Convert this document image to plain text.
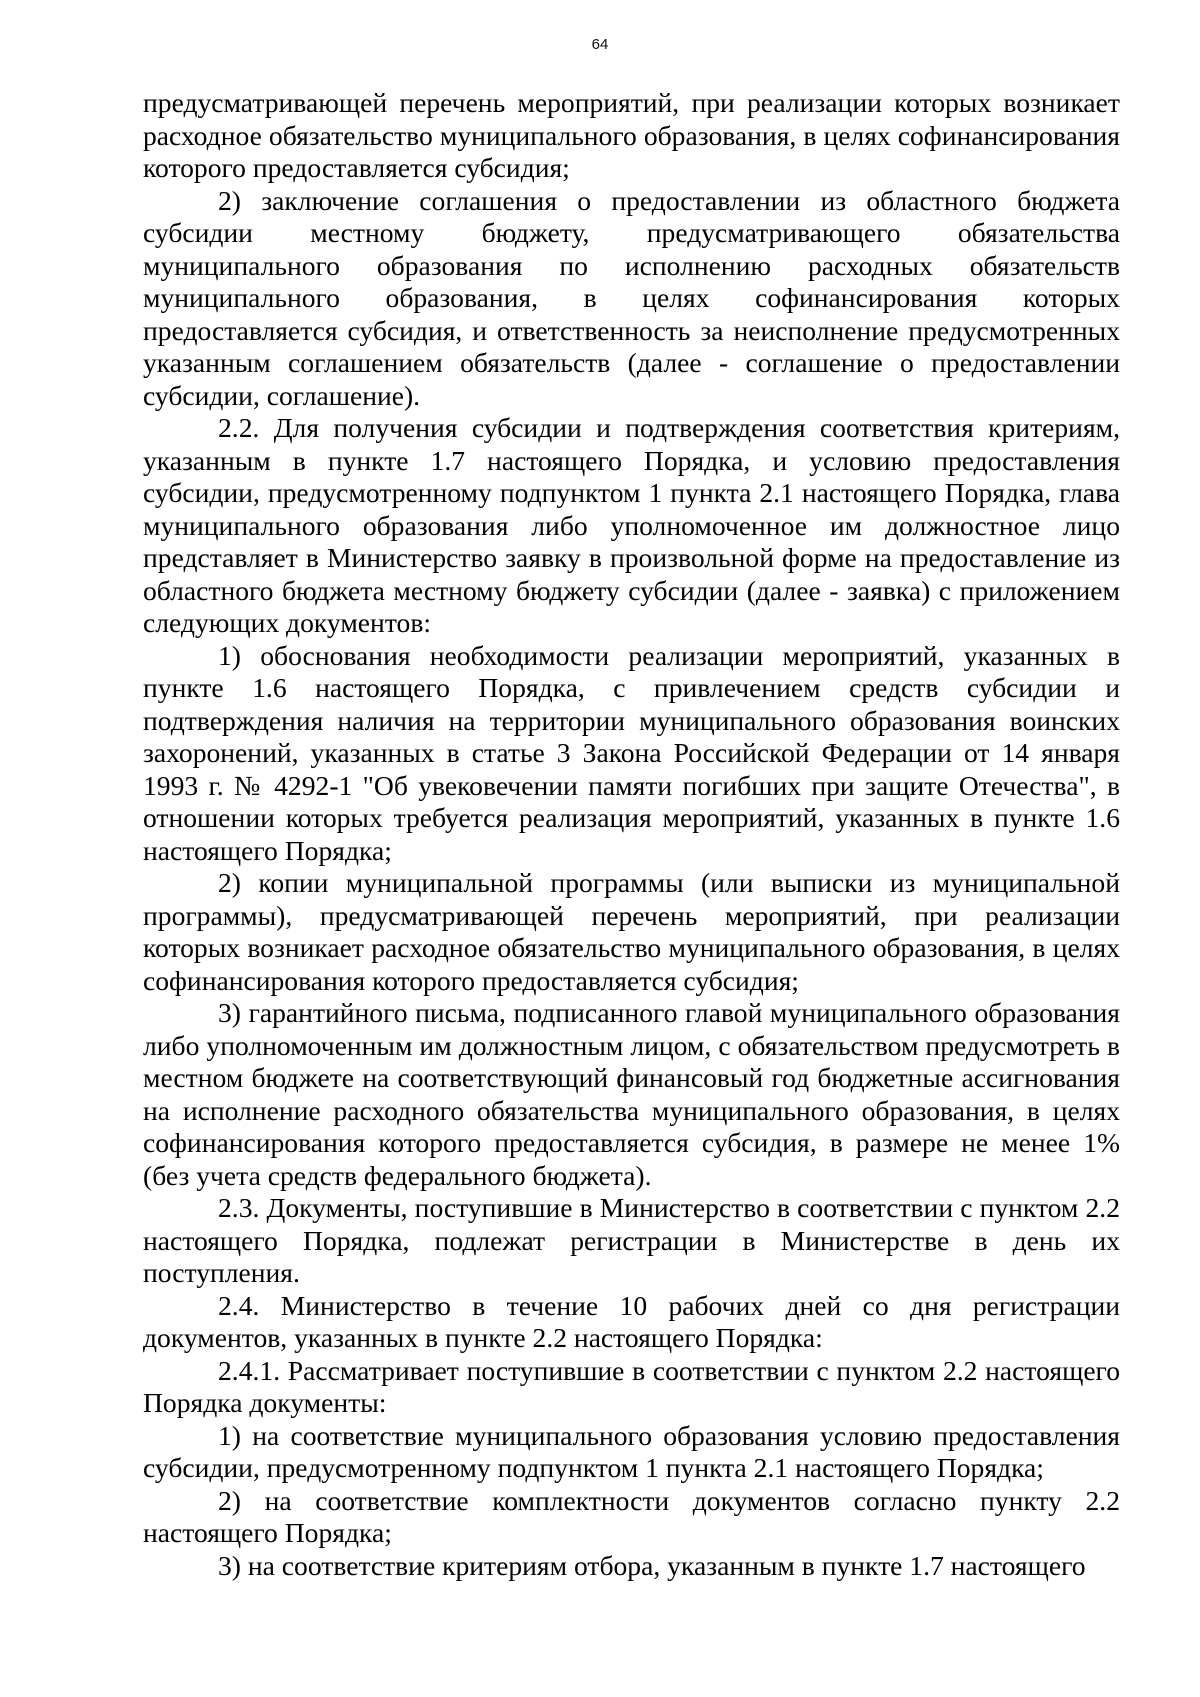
64

предусматривающей перечень мероприятий, при реализации которых возникает расходное обязательство муниципального образования, в целях софинансирования которого предоставляется субсидия;

2) заключение соглашения о предоставлении из областного бюджета субсидии местному бюджету, предусматривающего обязательства муниципального образования по исполнению расходных обязательств муниципального образования, в целях софинансирования которых предоставляется субсидия, и ответственность за неисполнение предусмотренных указанным соглашением обязательств (далее - соглашение о предоставлении субсидии, соглашение).

2.2. Для получения субсидии и подтверждения соответствия критериям, указанным в пункте 1.7 настоящего Порядка, и условию предоставления субсидии, предусмотренному подпунктом 1 пункта 2.1 настоящего Порядка, глава муниципального образования либо уполномоченное им должностное лицо представляет в Министерство заявку в произвольной форме на предоставление из областного бюджета местному бюджету субсидии (далее - заявка) с приложением следующих документов:

1) обоснования необходимости реализации мероприятий, указанных в пункте 1.6 настоящего Порядка, с привлечением средств субсидии и подтверждения наличия на территории муниципального образования воинских захоронений, указанных в статье 3 Закона Российской Федерации от 14 января 1993 г. № 4292-1 "Об увековечении памяти погибших при защите Отечества", в отношении которых требуется реализация мероприятий, указанных в пункте 1.6 настоящего Порядка;

2) копии муниципальной программы (или выписки из муниципальной программы), предусматривающей перечень мероприятий, при реализации которых возникает расходное обязательство муниципального образования, в целях софинансирования которого предоставляется субсидия;

3) гарантийного письма, подписанного главой муниципального образования либо уполномоченным им должностным лицом, с обязательством предусмотреть в местном бюджете на соответствующий финансовый год бюджетные ассигнования на исполнение расходного обязательства муниципального образования, в целях софинансирования которого предоставляется субсидия, в размере не менее 1% (без учета средств федерального бюджета).

2.3. Документы, поступившие в Министерство в соответствии с пунктом 2.2 настоящего Порядка, подлежат регистрации в Министерстве в день их поступления.

2.4. Министерство в течение 10 рабочих дней со дня регистрации документов, указанных в пункте 2.2 настоящего Порядка:

2.4.1. Рассматривает поступившие в соответствии с пунктом 2.2 настоящего Порядка документы:

1) на соответствие муниципального образования условию предоставления субсидии, предусмотренному подпунктом 1 пункта 2.1 настоящего Порядка;

2) на соответствие комплектности документов согласно пункту 2.2 настоящего Порядка;

3) на соответствие критериям отбора, указанным в пункте 1.7 настоящего
